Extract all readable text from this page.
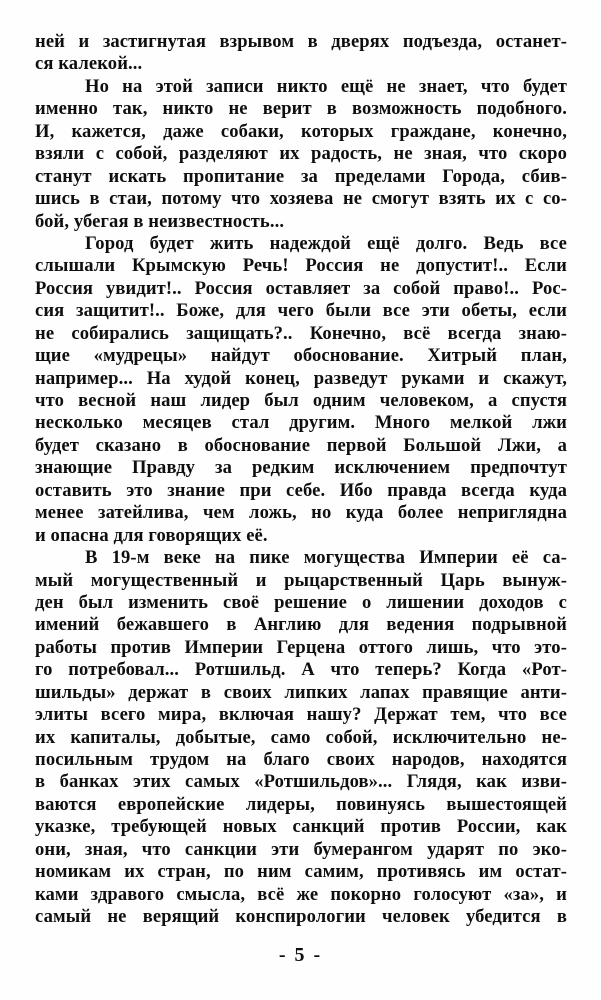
ней и застигнутая взрывом в дверях подъезда, останет-
ся калекой...
Но на этой записи никто ещё не знает, что будет
именно так, никто не верит в возможность подобного.
И, кажется, даже собаки, которых граждане, конечно,
взяли с собой, разделяют их радость, не зная, что скоро
станут искать пропитание за пределами Города, сбив-
шись в стаи, потому что хозяева не смогут взять их с со-
бой, убегая в неизвестность...
Город будет жить надеждой ещё долго. Ведь все
слышали Крымскую Речь! Россия не допустит!.. Если
Россия увидит!.. Россия оставляет за собой право!.. Рос-
сия защитит!.. Боже, для чего были все эти обеты, если
не собирались защищать?.. Конечно, всё всегда знаю-
щие «мудрецы» найдут обоснование. Хитрый план,
например... На худой конец, разведут руками и скажут,
что весной наш лидер был одним человеком, а спустя
несколько месяцев стал другим. Много мелкой лжи
будет сказано в обоснование первой Большой Лжи, а
знающие Правду за редким исключением предпочтут
оставить это знание при себе. Ибо правда всегда куда
менее затейлива, чем ложь, но куда более неприглядна
и опасна для говорящих её.
В 19-м веке на пике могущества Империи её са-
мый могущественный и рыцарственный Царь вынуж-
ден был изменить своё решение о лишении доходов с
имений бежавшего в Англию для ведения подрывной
работы против Империи Герцена оттого лишь, что это-
го потребовал... Ротшильд. А что теперь? Когда «Рот-
шильды» держат в своих липких лапах правящие анти-
элиты всего мира, включая нашу? Держат тем, что все
их капиталы, добытые, само собой, исключительно не-
посильным трудом на благо своих народов, находятся
в банках этих самых «Ротшильдов»... Глядя, как изви-
ваются европейские лидеры, повинуясь вышестоящей
указке, требующей новых санкций против России, как
они, зная, что санкции эти бумерангом ударят по эко-
номикам их стран, по ним самим, противясь им остат-
ками здравого смысла, всё же покорно голосуют «за», и
самый не верящий конспирологии человек убедится в
- 5 -
